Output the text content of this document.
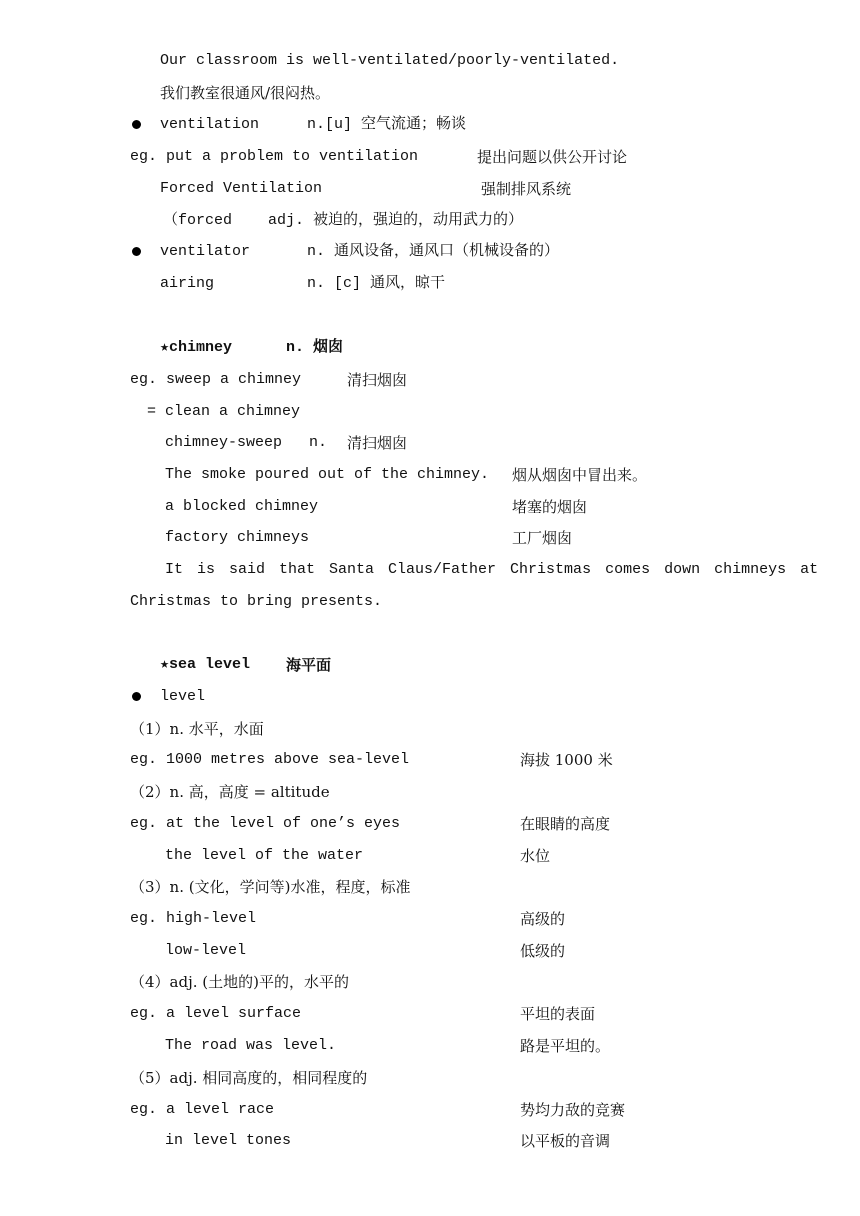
Our classroom is well-ventilated/poorly-ventilated.
我们教室很通风/很闷热。
ventilation	n.[u] 空气流通；畅谈
eg. put a problem to ventilation	提出问题以供公开讨论
Forced Ventilation	强制排风系统
（forced    adj. 被迫的，强迫的，动用武力的）
ventilator	n. 通风设备，通风口（机械设备的）
airing	n. [c] 通风，晾干
★chimney	n. 烟囱
eg. sweep a chimney	清扫烟囱
= clean a chimney
chimney-sweep   n. 清扫烟囱
The smoke poured out of the chimney. 烟从烟囱中冒出来。
a blocked chimney	堵塞的烟囱
factory chimneys	工厂烟囱
It is said that Santa Claus/Father Christmas comes down chimneys at
Christmas to bring presents.
★sea level 海平面
level
（1）n. 水平，水面
eg. 1000 metres above sea-level	海拔 1000 米
（2）n. 高，高度 = altitude
eg. at the level of one’s eyes	在眼睛的高度
the level of the water	水位
（3）n. (文化，学问等)水准，程度，标准
eg. high-level	高级的
low-level	低级的
（4）adj. (土地的)平的，水平的
eg. a level surface	平坦的表面
The road was level.	路是平坦的。
（5）adj. 相同高度的，相同程度的
eg. a level race	势均力敌的竞赛
in level tones	以平板的音调
